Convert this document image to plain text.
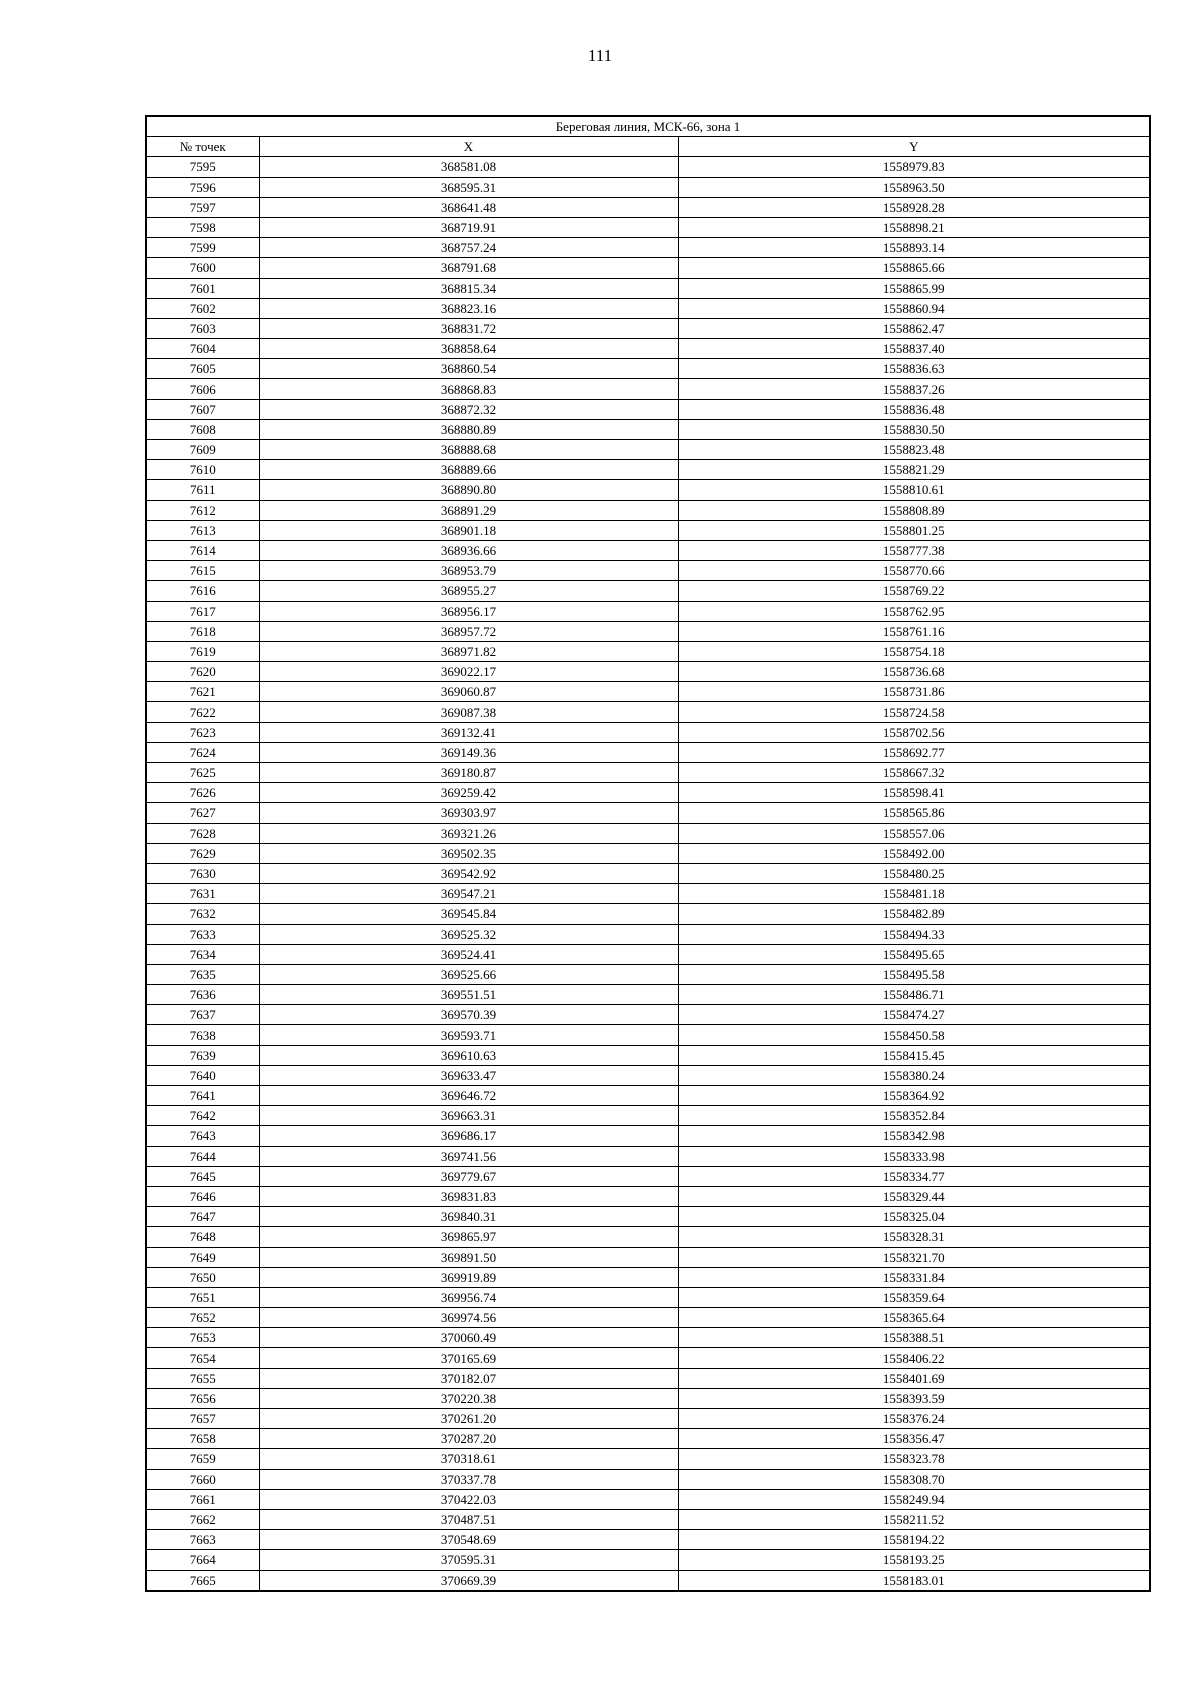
111
Береговая линия, МСК-66, зона 1		
№ точек	X	Y
7595	368581.08	1558979.83
7596	368595.31	1558963.50
7597	368641.48	1558928.28
7598	368719.91	1558898.21
7599	368757.24	1558893.14
7600	368791.68	1558865.66
7601	368815.34	1558865.99
7602	368823.16	1558860.94
7603	368831.72	1558862.47
7604	368858.64	1558837.40
7605	368860.54	1558836.63
7606	368868.83	1558837.26
7607	368872.32	1558836.48
7608	368880.89	1558830.50
7609	368888.68	1558823.48
7610	368889.66	1558821.29
7611	368890.80	1558810.61
7612	368891.29	1558808.89
7613	368901.18	1558801.25
7614	368936.66	1558777.38
7615	368953.79	1558770.66
7616	368955.27	1558769.22
7617	368956.17	1558762.95
7618	368957.72	1558761.16
7619	368971.82	1558754.18
7620	369022.17	1558736.68
7621	369060.87	1558731.86
7622	369087.38	1558724.58
7623	369132.41	1558702.56
7624	369149.36	1558692.77
7625	369180.87	1558667.32
7626	369259.42	1558598.41
7627	369303.97	1558565.86
7628	369321.26	1558557.06
7629	369502.35	1558492.00
7630	369542.92	1558480.25
7631	369547.21	1558481.18
7632	369545.84	1558482.89
7633	369525.32	1558494.33
7634	369524.41	1558495.65
7635	369525.66	1558495.58
7636	369551.51	1558486.71
7637	369570.39	1558474.27
7638	369593.71	1558450.58
7639	369610.63	1558415.45
7640	369633.47	1558380.24
7641	369646.72	1558364.92
7642	369663.31	1558352.84
7643	369686.17	1558342.98
7644	369741.56	1558333.98
7645	369779.67	1558334.77
7646	369831.83	1558329.44
7647	369840.31	1558325.04
7648	369865.97	1558328.31
7649	369891.50	1558321.70
7650	369919.89	1558331.84
7651	369956.74	1558359.64
7652	369974.56	1558365.64
7653	370060.49	1558388.51
7654	370165.69	1558406.22
7655	370182.07	1558401.69
7656	370220.38	1558393.59
7657	370261.20	1558376.24
7658	370287.20	1558356.47
7659	370318.61	1558323.78
7660	370337.78	1558308.70
7661	370422.03	1558249.94
7662	370487.51	1558211.52
7663	370548.69	1558194.22
7664	370595.31	1558193.25
7665	370669.39	1558183.01
